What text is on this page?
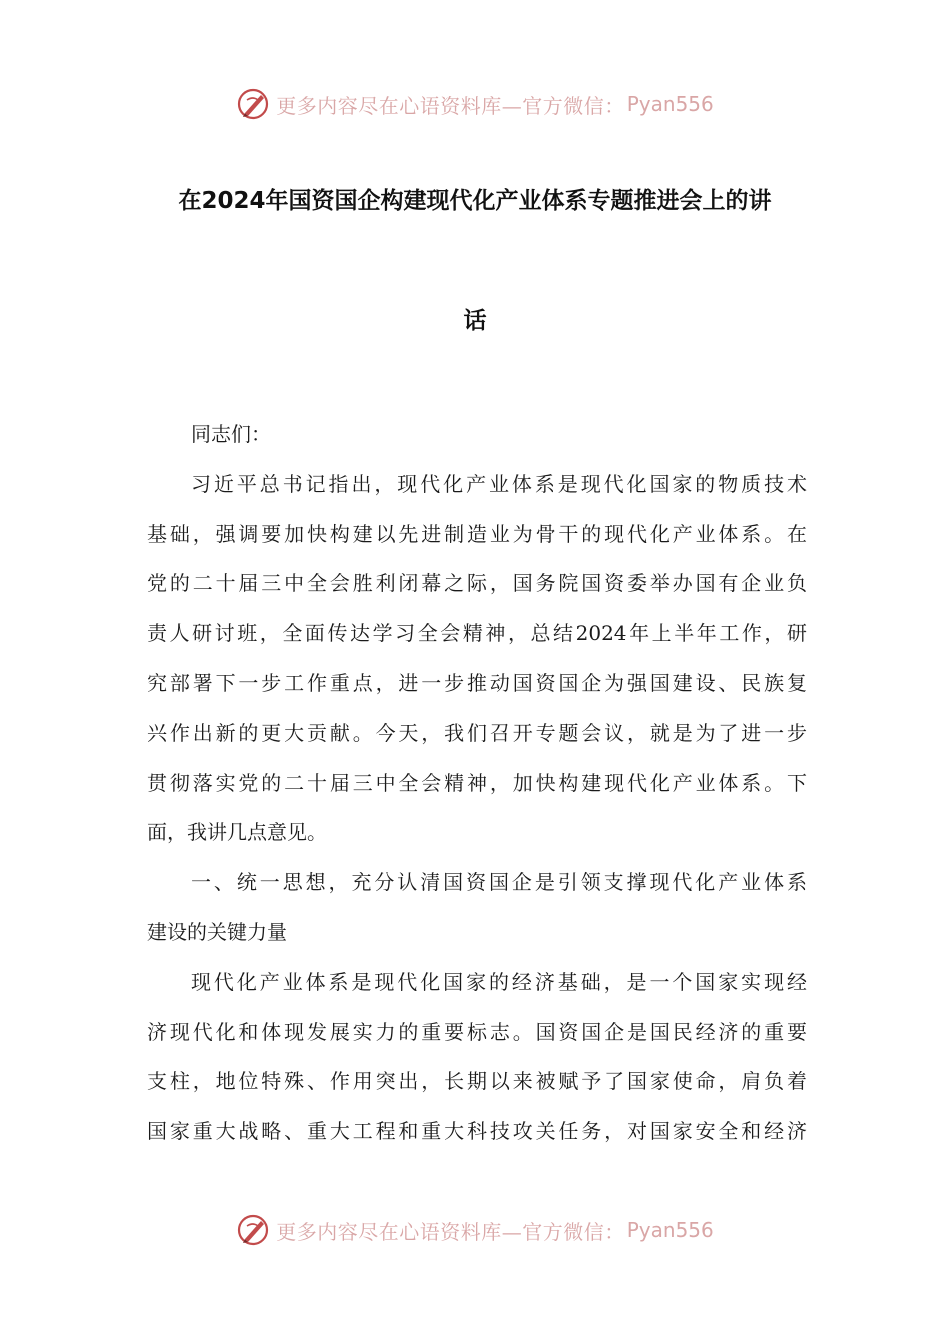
更多内容尽在心语资料库—官方微信： Pyan556
在2024年国资国企构建现代化产业体系专题推进会上的讲
话
同志们：
习近平总书记指出，现代化产业体系是现代化国家的物质技术
基础，强调要加快构建以先进制造业为骨干的现代化产业体系。在
党的二十届三中全会胜利闭幕之际，国务院国资委举办国有企业负
责人研讨班，全面传达学习全会精神，总结2024年上半年工作，研
究部署下一步工作重点，进一步推动国资国企为强国建设、民族复
兴作出新的更大贡献。今天，我们召开专题会议，就是为了进一步
贯彻落实党的二十届三中全会精神，加快构建现代化产业体系。下
面，我讲几点意见。
一、统一思想，充分认清国资国企是引领支撑现代化产业体系
建设的关键力量
现代化产业体系是现代化国家的经济基础，是一个国家实现经
济现代化和体现发展实力的重要标志。国资国企是国民经济的重要
支柱，地位特殊、作用突出，长期以来被赋予了国家使命，肩负着
国家重大战略、重大工程和重大科技攻关任务，对国家安全和经济
更多内容尽在心语资料库—官方微信： Pyan556
